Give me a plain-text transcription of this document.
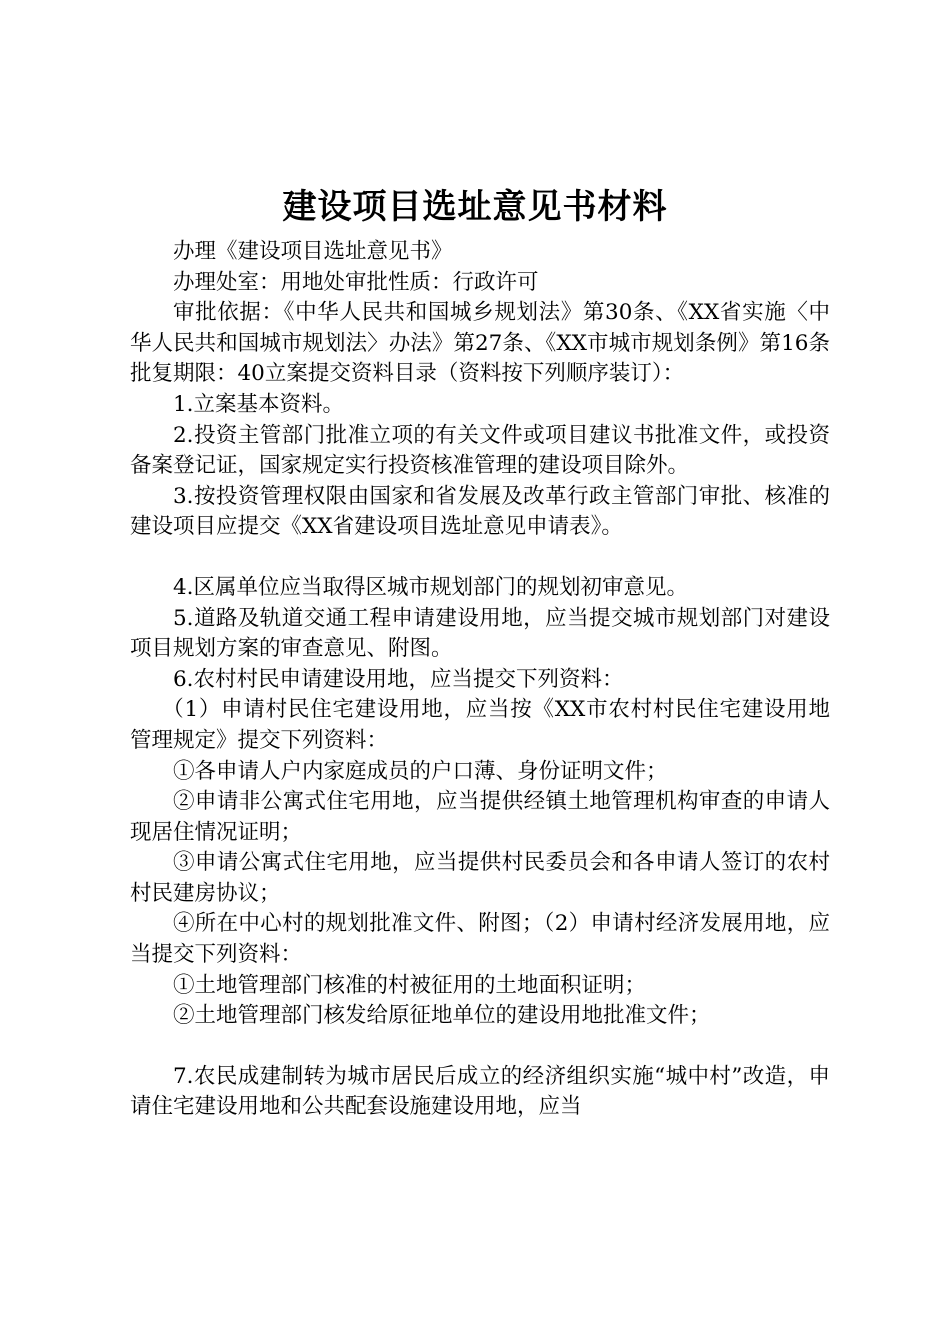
建设项目选址意见书材料

办理《建设项目选址意见书》

办理处室：用地处审批性质：行政许可

审批依据：《中华人民共和国城乡规划法》第30条、《XX省实施〈中华人民共和国城市规划法〉办法》第27条、《XX市城市规划条例》第16条批复期限：40立案提交资料目录（资料按下列顺序装订）：

1.立案基本资料。

2.投资主管部门批准立项的有关文件或项目建议书批准文件，或投资备案登记证，国家规定实行投资核准管理的建设项目除外。

3.按投资管理权限由国家和省发展及改革行政主管部门审批、核准的建设项目应提交《XX省建设项目选址意见申请表》。

4.区属单位应当取得区城市规划部门的规划初审意见。

5.道路及轨道交通工程申请建设用地，应当提交城市规划部门对建设项目规划方案的审查意见、附图。

6.农村村民申请建设用地，应当提交下列资料：

（1）申请村民住宅建设用地，应当按《XX市农村村民住宅建设用地管理规定》提交下列资料：

①各申请人户内家庭成员的户口薄、身份证明文件；

②申请非公寓式住宅用地，应当提供经镇土地管理机构审查的申请人现居住情况证明；

③申请公寓式住宅用地，应当提供村民委员会和各申请人签订的农村村民建房协议；

④所在中心村的规划批准文件、附图；（2）申请村经济发展用地，应当提交下列资料：

①土地管理部门核准的村被征用的土地面积证明；

②土地管理部门核发给原征地单位的建设用地批准文件；

7.农民成建制转为城市居民后成立的经济组织实施“城中村”改造，申请住宅建设用地和公共配套设施建设用地，应当
